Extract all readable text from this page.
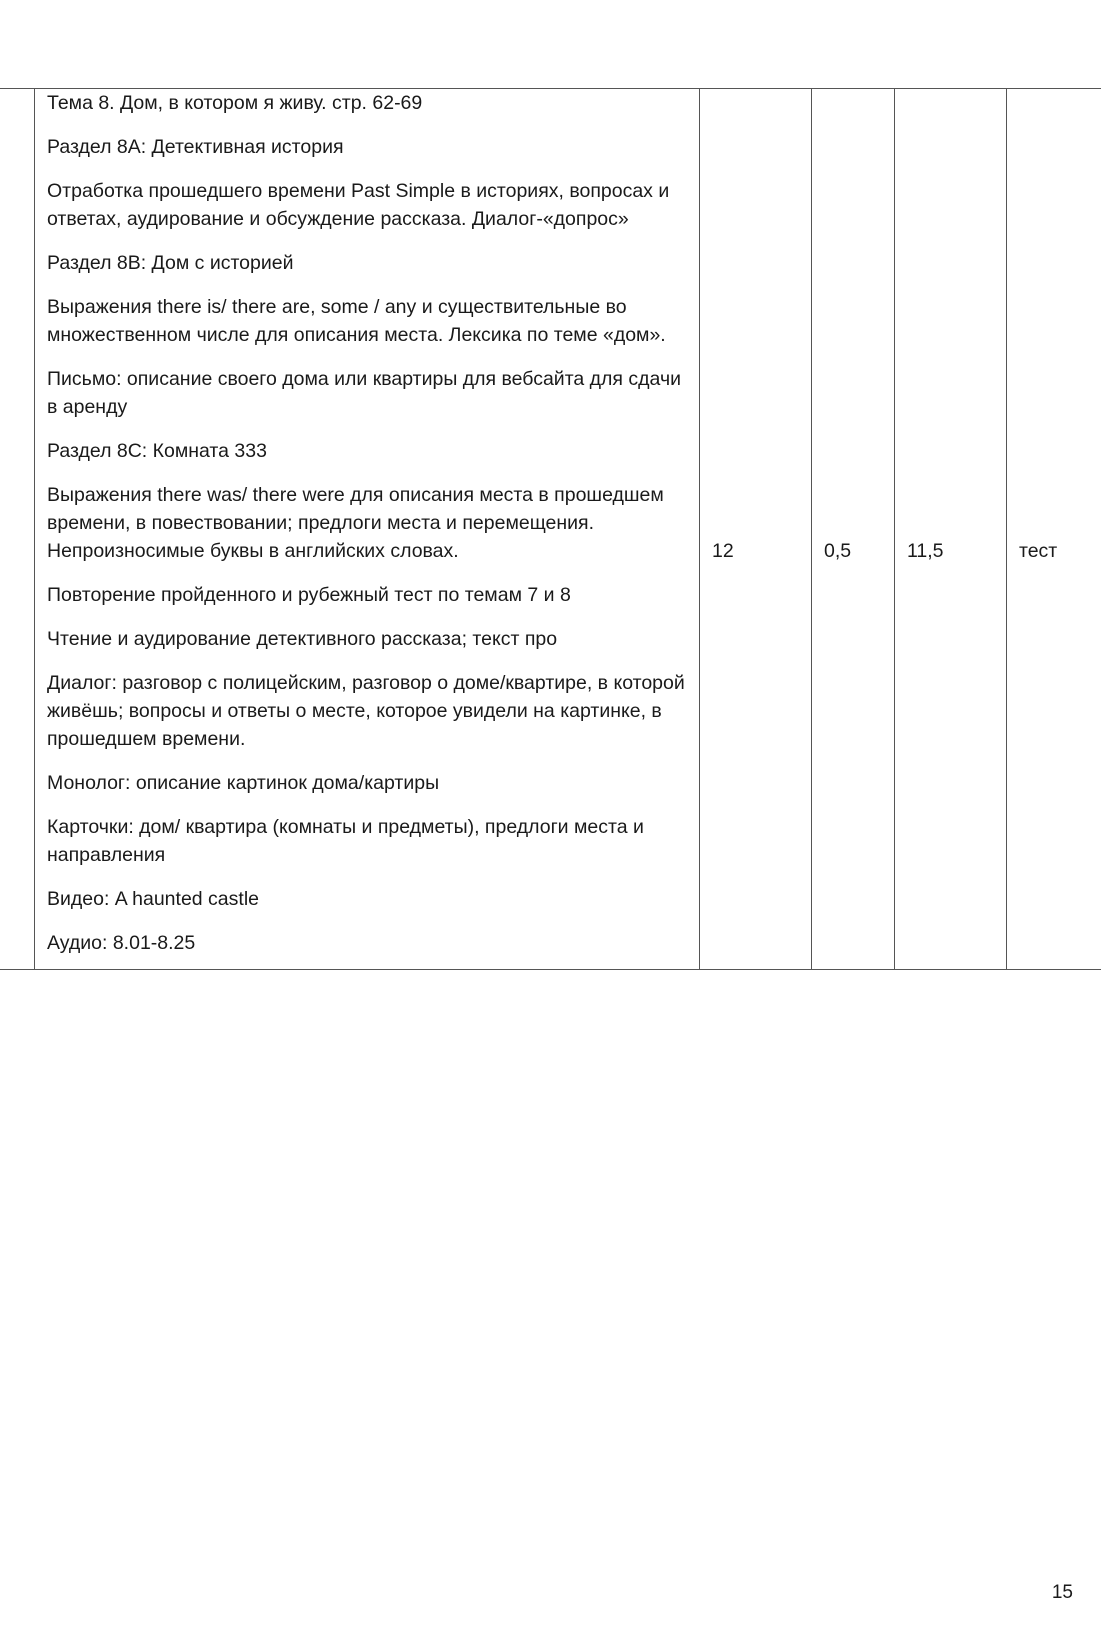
Тема 8. Дом, в котором я живу. стр. 62-69

Раздел 8А: Детективная история

Отработка прошедшего времени Past Simple в историях, вопросах и ответах, аудирование и обсуждение рассказа. Диалог-«допрос»

Раздел 8В: Дом с историей

Выражения there is/ there are, some / any и существительные во множественном числе для описания места. Лексика по теме «дом».

Письмо: описание своего дома или квартиры для вебсайта для сдачи в аренду

Раздел 8С: Комната 333

Выражения there was/ there were для описания места в прошедшем времени, в повествовании; предлоги места и перемещения. Непроизносимые буквы в английских словах.

Повторение пройденного и рубежный тест по темам 7 и 8

Чтение и аудирование детективного рассказа; текст про

Диалог: разговор с полицейским, разговор о доме/квартире, в которой живёшь; вопросы и ответы о месте, которое увидели на картинке, в прошедшем времени.

Монолог: описание картинок дома/картиры

Карточки: дом/ квартира (комнаты и предметы), предлоги места и направления

Видео: A haunted castle

Аудио: 8.01-8.25

12	0,5	11,5	тест
15
